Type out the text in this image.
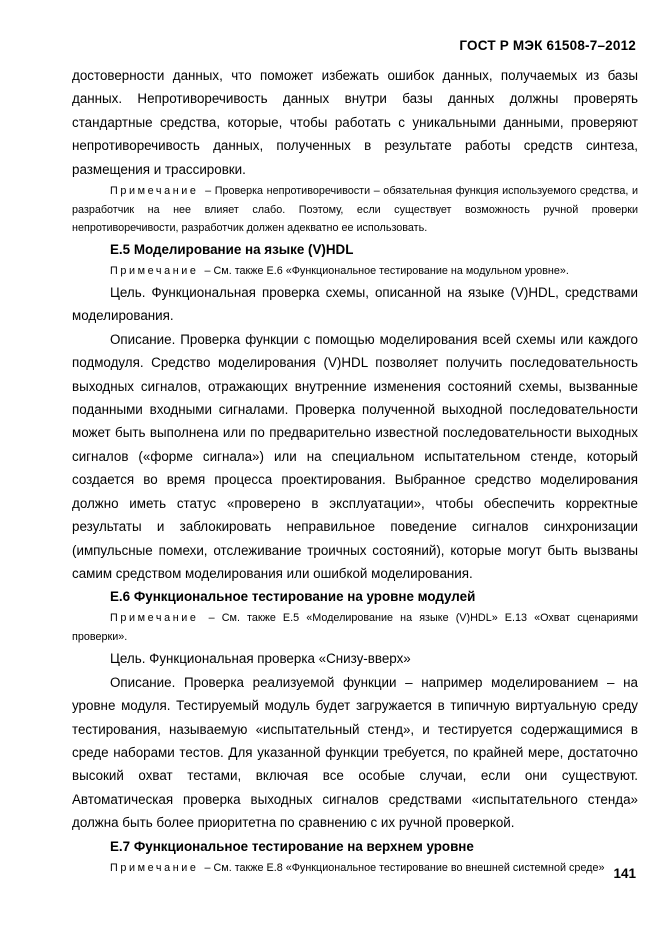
ГОСТ Р МЭК 61508-7–2012

достоверности данных, что поможет избежать ошибок данных, получаемых из базы данных. Непротиворечивость данных внутри базы данных должны проверять стандартные средства, которые, чтобы работать с уникальными данными, проверяют непротиворечивость данных, полученных в результате работы средств синтеза, размещения и трассировки.

Примечание – Проверка непротиворечивости – обязательная функция используемого средства, и разработчик на нее влияет слабо. Поэтому, если существует возможность ручной проверки непротиворечивости, разработчик должен адекватно ее использовать.

Е.5 Моделирование на языке (V)HDL

Примечание – См. также Е.6 «Функциональное тестирование на модульном уровне».

Цель. Функциональная проверка схемы, описанной на языке (V)HDL, средствами моделирования.

Описание. Проверка функции с помощью моделирования всей схемы или каждого подмодуля. Средство моделирования (V)HDL позволяет получить последовательность выходных сигналов, отражающих внутренние изменения состояний схемы, вызванные поданными входными сигналами. Проверка полученной выходной последовательности может быть выполнена или по предварительно известной последовательности выходных сигналов («форме сигнала») или на специальном испытательном стенде, который создается во время процесса проектирования. Выбранное средство моделирования должно иметь статус «проверено в эксплуатации», чтобы обеспечить корректные результаты и заблокировать неправильное поведение сигналов синхронизации (импульсные помехи, отслеживание троичных состояний), которые могут быть вызваны самим средством моделирования или ошибкой моделирования.

Е.6 Функциональное тестирование на уровне модулей

Примечание – См. также Е.5 «Моделирование на языке (V)HDL» Е.13 «Охват сценариями проверки».

Цель. Функциональная проверка «Снизу-вверх»

Описание. Проверка реализуемой функции – например моделированием – на уровне модуля. Тестируемый модуль будет загружается в типичную виртуальную среду тестирования, называемую «испытательный стенд», и тестируется содержащимися в среде наборами тестов. Для указанной функции требуется, по крайней мере, достаточно высокий охват тестами, включая все особые случаи, если они существуют. Автоматическая проверка выходных сигналов средствами «испытательного стенда» должна быть более приоритетна по сравнению с их ручной проверкой.

Е.7 Функциональное тестирование на верхнем уровне

Примечание – См. также Е.8 «Функциональное тестирование во внешней системной среде» 141
